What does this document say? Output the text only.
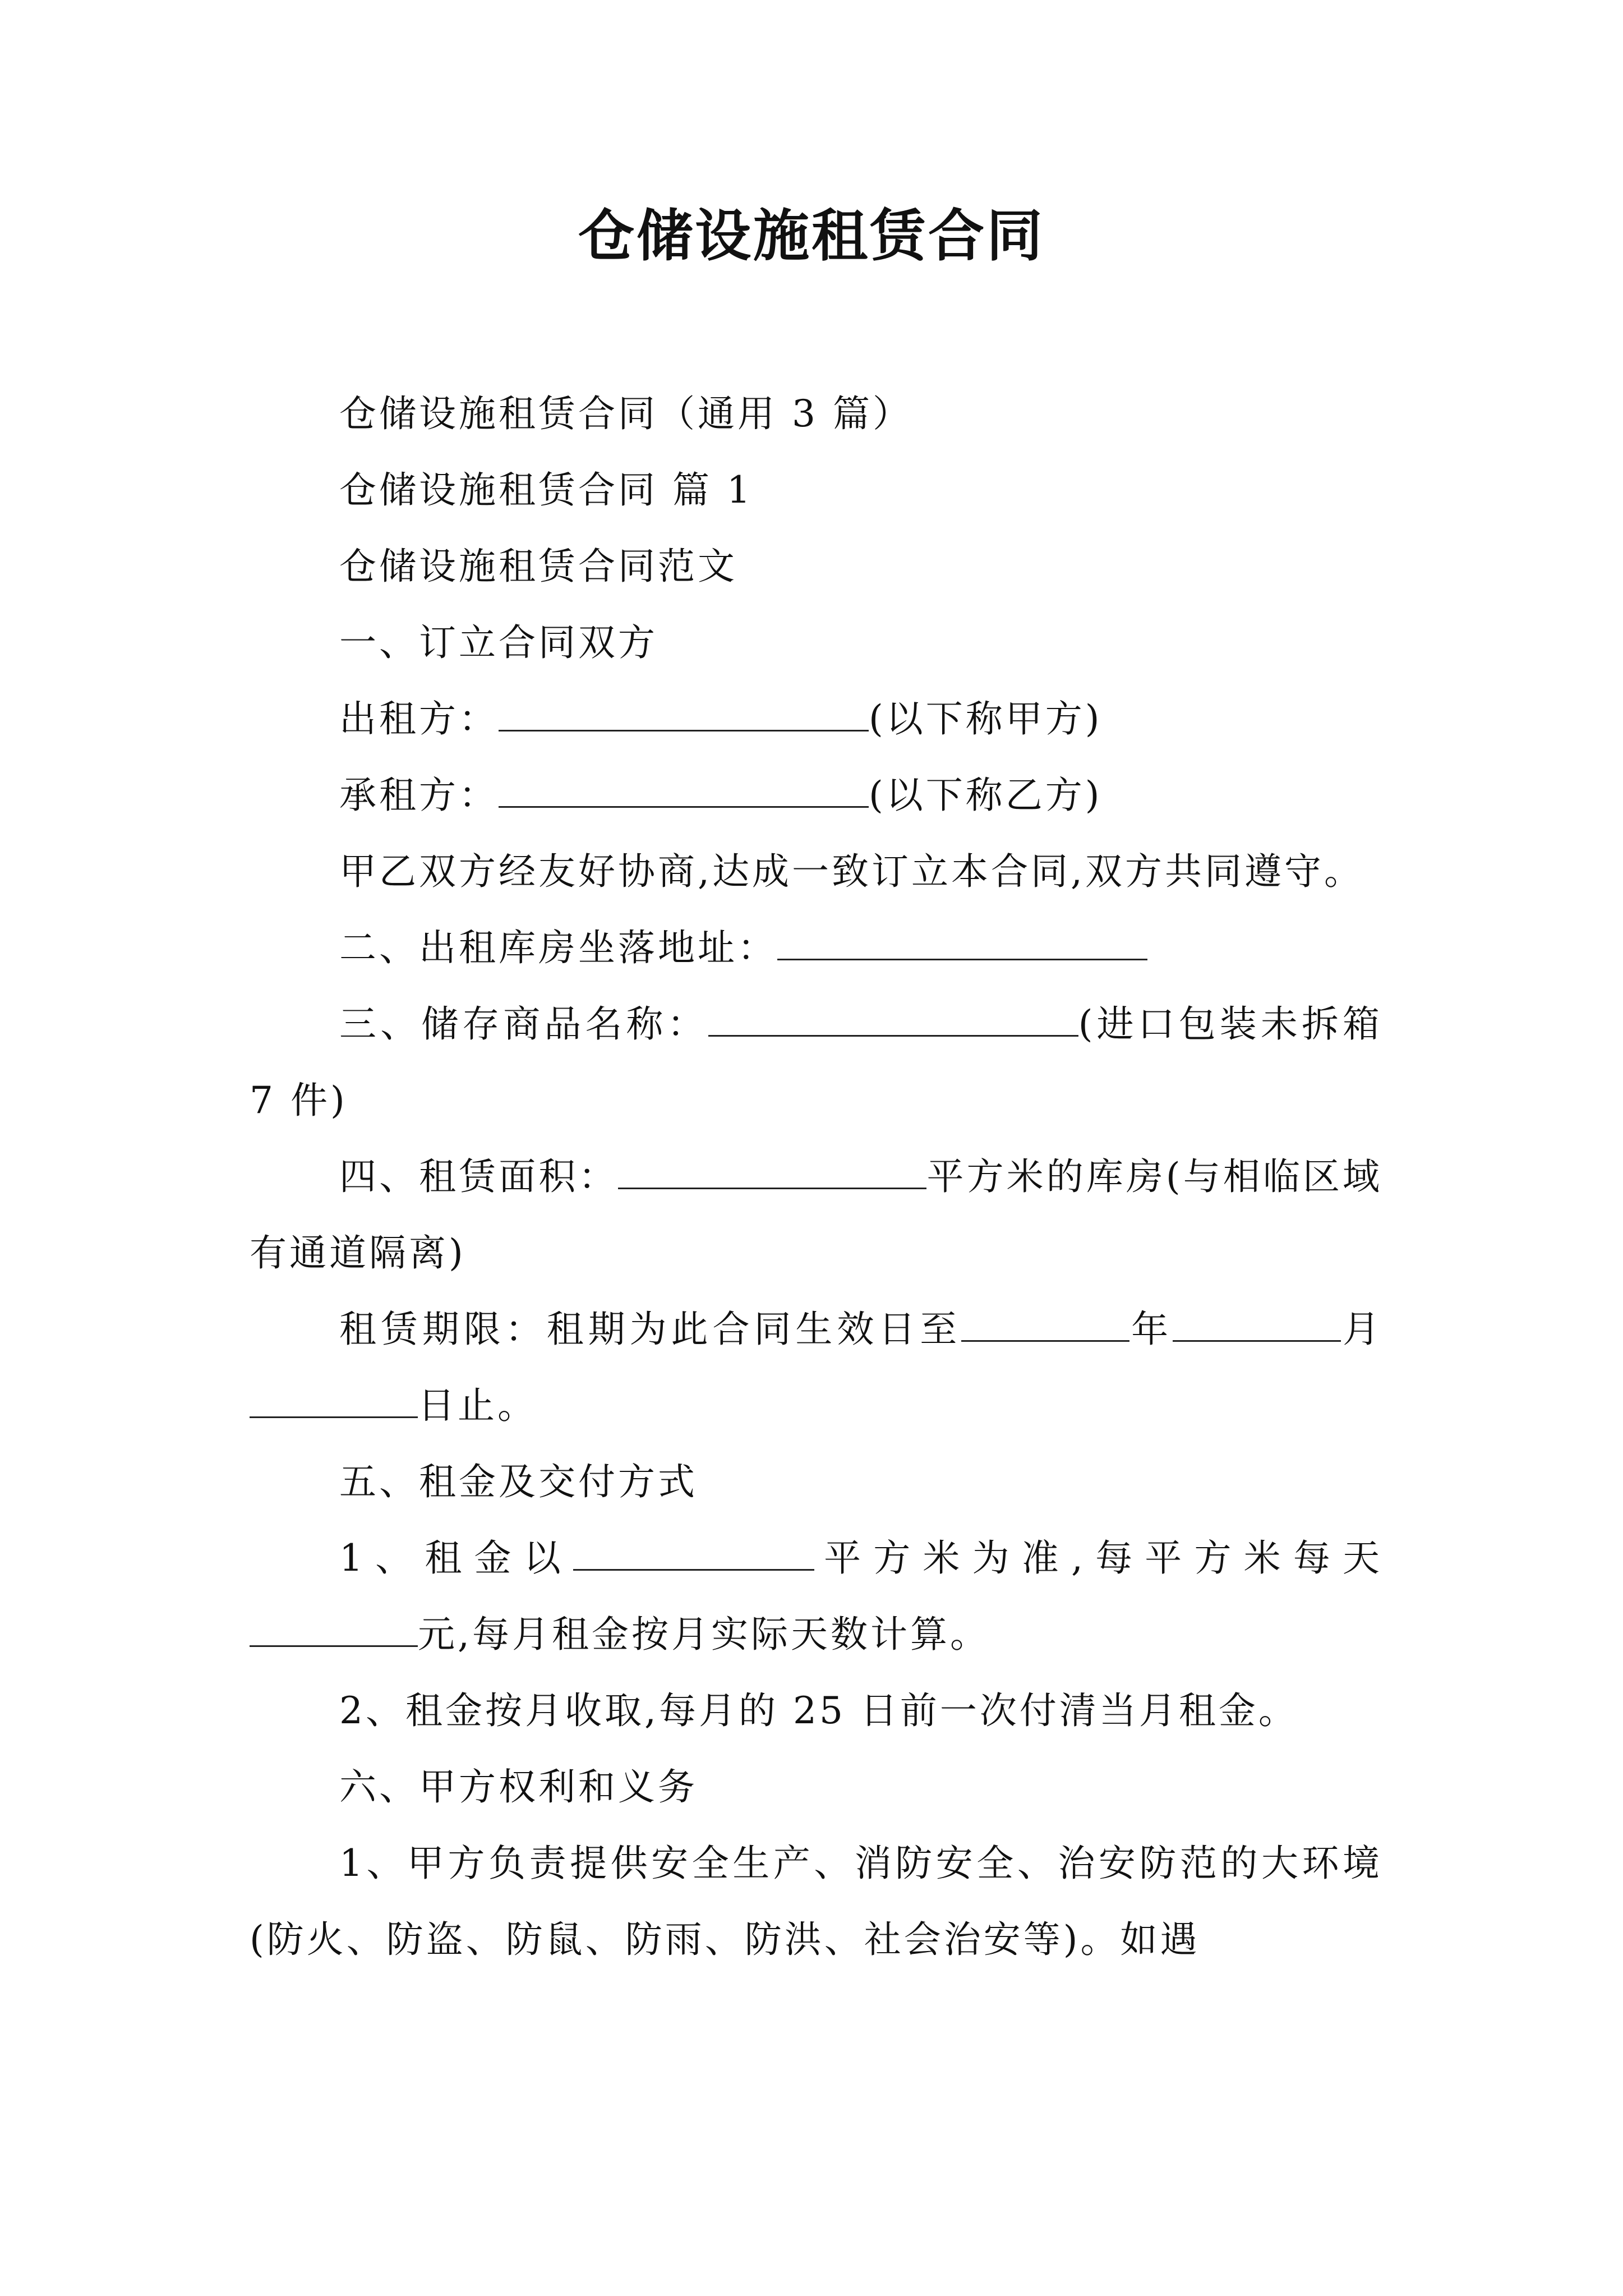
仓储设施租赁合同

仓储设施租赁合同（通用 3 篇）

仓储设施租赁合同 篇 1

仓储设施租赁合同范文

一、订立合同双方

出租方：	(以下称甲方)

承租方：	(以下称乙方)

甲乙双方经友好协商,达成一致订立本合同,双方共同遵守。

二、出租库房坐落地址：

三、储存商品名称：	(进口包装未拆箱 7 件)

四、租赁面积：	平方米的库房(与相临区域有通道隔离)

租赁期限：租期为此合同生效日至	年	月日止。

五、租金及交付方式

1、租金以	平方米为准,每平方米每天元,每月租金按月实际天数计算。

2、租金按月收取,每月的 25 日前一次付清当月租金。

六、甲方权利和义务

1、甲方负责提供安全生产、消防安全、治安防范的大环境(防火、防盗、防鼠、防雨、防洪、社会治安等)。如遇
